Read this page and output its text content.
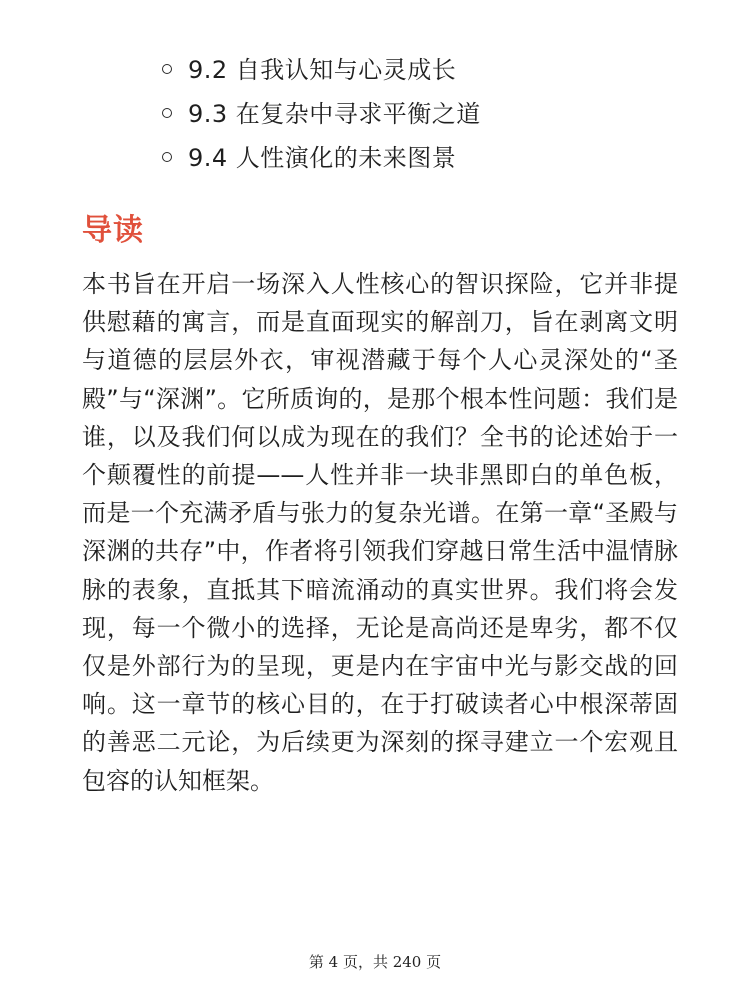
9.2 自我认知与心灵成长
9.3 在复杂中寻求平衡之道
9.4 人性演化的未来图景
导读

本书旨在开启一场深入人性核心的智识探险，它并非提供慰藉的寓言，而是直面现实的解剖刀，旨在剥离文明与道德的层层外衣，审视潜藏于每个人心灵深处的“圣殿”与“深渊”。它所质询的，是那个根本性问题：我们是谁，以及我们何以成为现在的我们？全书的论述始于一个颠覆性的前提——人性并非一块非黑即白的单色板，而是一个充满矛盾与张力的复杂光谱。在第一章“圣殿与深渊的共存”中，作者将引领我们穿越日常生活中温情脉脉的表象，直抵其下暗流涌动的真实世界。我们将会发现，每一个微小的选择，无论是高尚还是卑劣，都不仅仅是外部行为的呈现，更是内在宇宙中光与影交战的回响。这一章节的核心目的，在于打破读者心中根深蒂固的善恶二元论，为后续更为深刻的探寻建立一个宏观且包容的认知框架。

第 4 页，共 240 页
